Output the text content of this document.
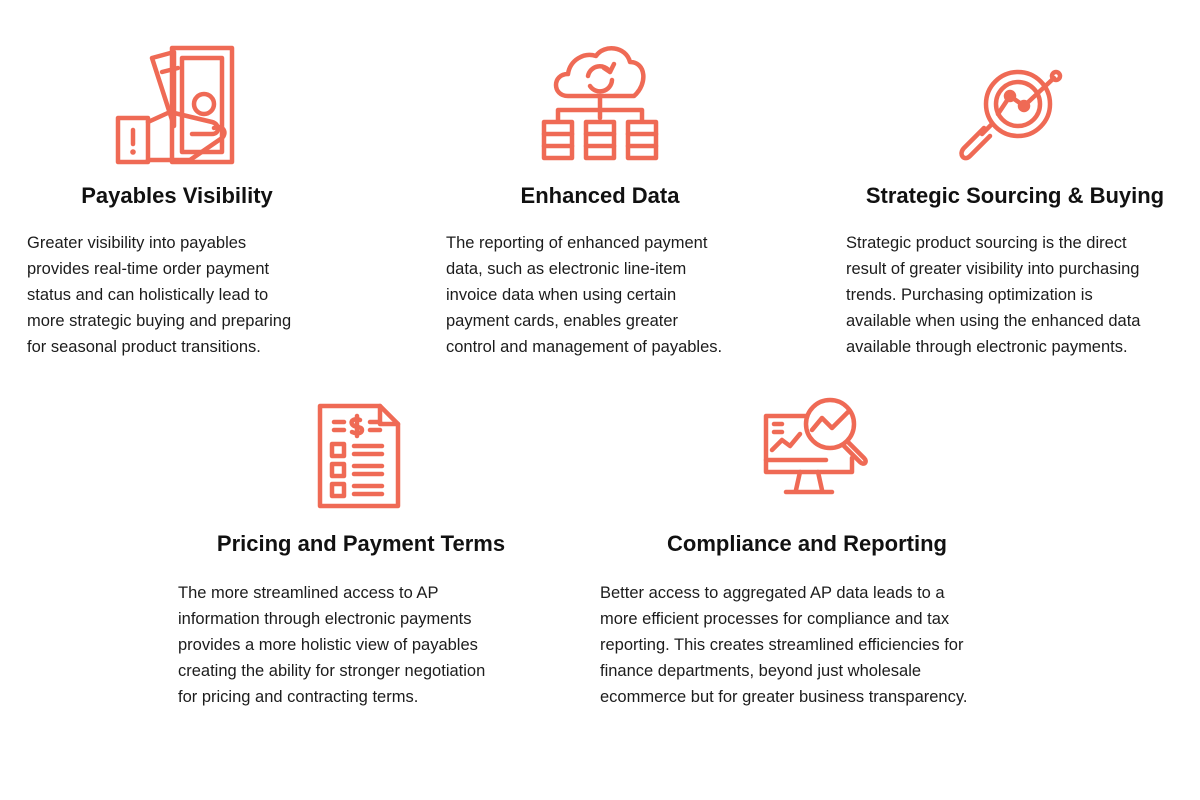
Payables Visibility

Greater visibility into payables
provides real-time order payment
status and can holistically lead to
more strategic buying and preparing
for seasonal product transitions.

Enhanced Data

The reporting of enhanced payment
data, such as electronic line-item
invoice data when using certain
payment cards, enables greater
control and management of payables.

Strategic Sourcing & Buying

Strategic product sourcing is the direct
result of greater visibility into purchasing
trends. Purchasing optimization is
available when using the enhanced data
available through electronic payments.

Pricing and Payment Terms

The more streamlined access to AP
information through electronic payments
provides a more holistic view of payables
creating the ability for stronger negotiation
for pricing and contracting terms.

Compliance and Reporting

Better access to aggregated AP data leads to a
more efficient processes for compliance and tax
reporting. This creates streamlined efficiencies for
finance departments, beyond just wholesale
ecommerce but for greater business transparency.
